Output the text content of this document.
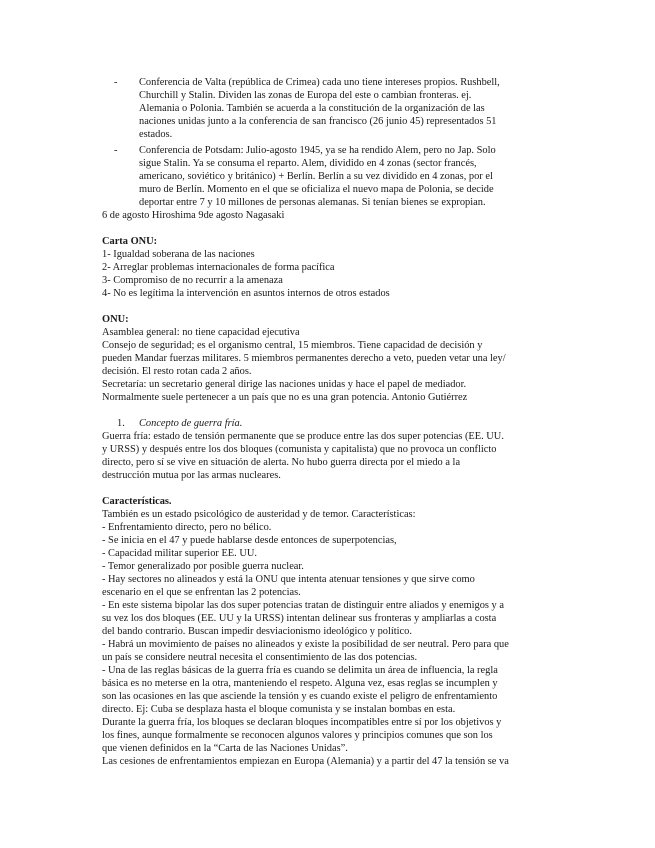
- Conferencia de Valta (república de Crimea) cada uno tiene intereses propios. Rushbell,
Churchill y Stalin. Dividen las zonas de Europa del este o cambian fronteras. ej.
Alemania o Polonia. También se acuerda a la constitución de la organización de las
naciones unidas junto a la conferencia de san francisco (26 junio 45) representados 51
estados.
- Conferencia de Potsdam: Julio-agosto 1945, ya se ha rendido Alem, pero no Jap. Solo
sigue Stalin. Ya se consuma el reparto. Alem, dividido en 4 zonas (sector francés,
americano, soviético y británico) + Berlín. Berlín a su vez dividido en 4 zonas, por el
muro de Berlín. Momento en el que se oficializa el nuevo mapa de Polonia, se decide
deportar entre 7 y 10 millones de personas alemanas. Si tenían bienes se expropian.
6 de agosto Hiroshima 9de agosto Nagasaki
Carta ONU:
1- Igualdad soberana de las naciones
2- Arreglar problemas internacionales de forma pacífica
3- Compromiso de no recurrir a la amenaza
4- No es legítima la intervención en asuntos internos de otros estados
ONU:
Asamblea general: no tiene capacidad ejecutiva
Consejo de seguridad; es el organismo central, 15 miembros. Tiene capacidad de decisión y
pueden Mandar fuerzas militares. 5 miembros permanentes derecho a veto, pueden vetar una ley/
decisión. El resto rotan cada 2 años.
Secretaría: un secretario general dirige las naciones unidas y hace el papel de mediador.
Normalmente suele pertenecer a un país que no es una gran potencia. Antonio Gutiérrez
1. Concepto de guerra fría.
Guerra fría: estado de tensión permanente que se produce entre las dos super potencias (EE. UU.
y URSS) y después entre los dos bloques (comunista y capitalista) que no provoca un conflicto
directo, pero sí se vive en situación de alerta. No hubo guerra directa por el miedo a la
destrucción mutua por las armas nucleares.
Características.
También es un estado psicológico de austeridad y de temor. Características:
- Enfrentamiento directo, pero no bélico.
- Se inicia en el 47 y puede hablarse desde entonces de superpotencias,
- Capacidad militar superior EE. UU.
- Temor generalizado por posible guerra nuclear.
- Hay sectores no alineados y está la ONU que intenta atenuar tensiones y que sirve como
escenario en el que se enfrentan las 2 potencias.
- En este sistema bipolar las dos super potencias tratan de distinguir entre aliados y enemigos y a
su vez los dos bloques (EE. UU y la URSS) intentan delinear sus fronteras y ampliarlas a costa
del bando contrario. Buscan impedir desviacionismo ideológico y político.
- Habrá un movimiento de países no alineados y existe la posibilidad de ser neutral. Pero para que
un país se considere neutral necesita el consentimiento de las dos potencias.
- Una de las reglas básicas de la guerra fría es cuando se delimita un área de influencia, la regla
básica es no meterse en la otra, manteniendo el respeto. Alguna vez, esas reglas se incumplen y
son las ocasiones en las que asciende la tensión y es cuando existe el peligro de enfrentamiento
directo. Ej: Cuba se desplaza hasta el bloque comunista y se instalan bombas en esta.
Durante la guerra fría, los bloques se declaran bloques incompatibles entre sí por los objetivos y
los fines, aunque formalmente se reconocen algunos valores y principios comunes que son los
que vienen definidos en la “Carta de las Naciones Unidas”.
Las cesiones de enfrentamientos empiezan en Europa (Alemania) y a partir del 47 la tensión se va
